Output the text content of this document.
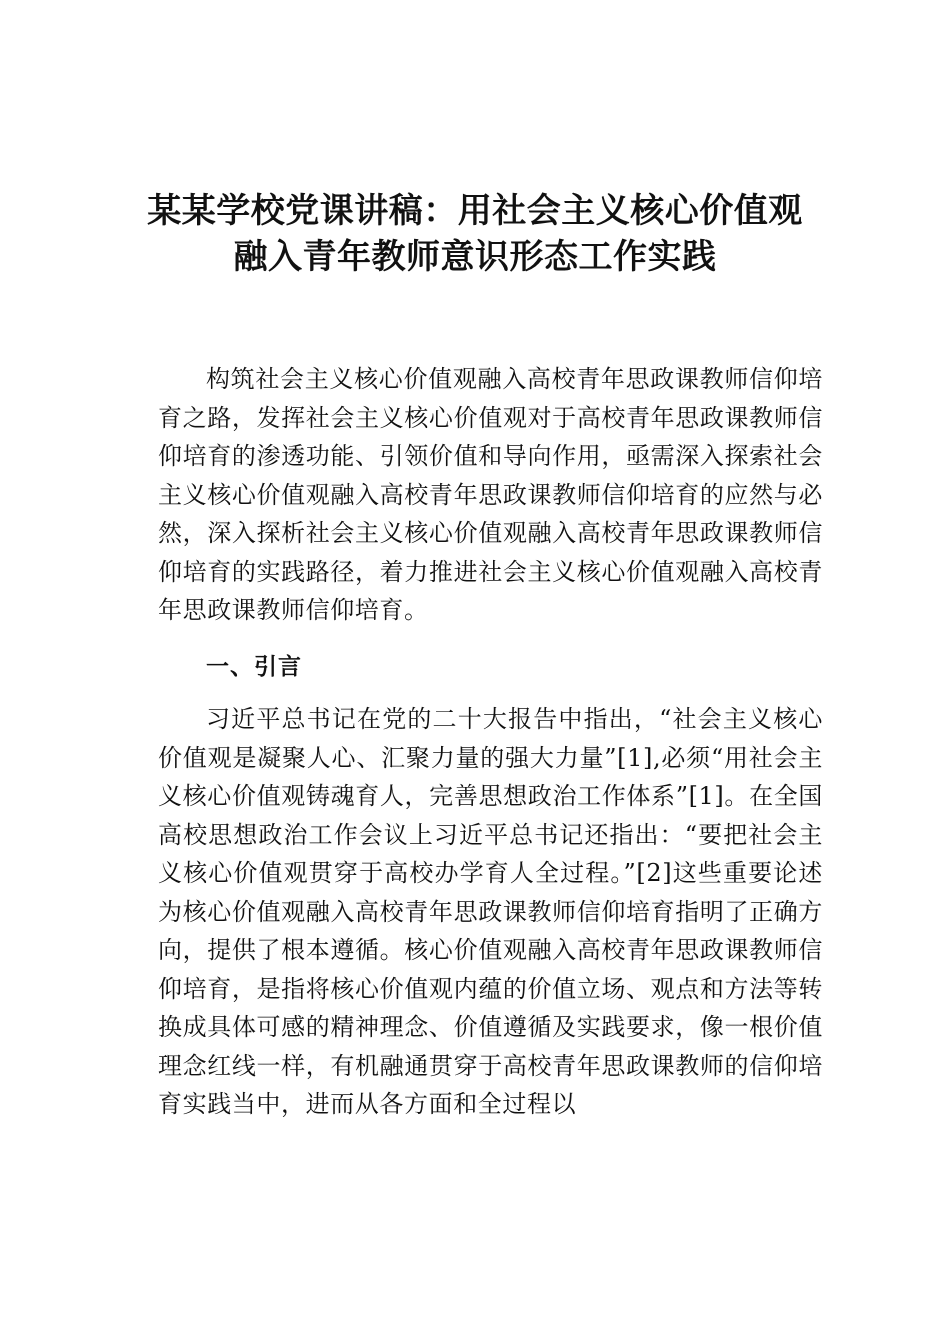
某某学校党课讲稿：用社会主义核心价值观
融入青年教师意识形态工作实践
构筑社会主义核心价值观融入高校青年思政课教师信仰培育之路，发挥社会主义核心价值观对于高校青年思政课教师信仰培育的渗透功能、引领价值和导向作用，亟需深入探索社会主义核心价值观融入高校青年思政课教师信仰培育的应然与必然，深入探析社会主义核心价值观融入高校青年思政课教师信仰培育的实践路径，着力推进社会主义核心价值观融入高校青年思政课教师信仰培育。
一、引言
习近平总书记在党的二十大报告中指出，“社会主义核心价值观是凝聚人心、汇聚力量的强大力量”[1],必须“用社会主义核心价值观铸魂育人，完善思想政治工作体系”[1]。在全国高校思想政治工作会议上习近平总书记还指出：“要把社会主义核心价值观贯穿于高校办学育人全过程。”[2]这些重要论述为核心价值观融入高校青年思政课教师信仰培育指明了正确方向，提供了根本遵循。核心价值观融入高校青年思政课教师信仰培育，是指将核心价值观内蕴的价值立场、观点和方法等转换成具体可感的精神理念、价值遵循及实践要求，像一根价值理念红线一样，有机融通贯穿于高校青年思政课教师的信仰培育实践当中，进而从各方面和全过程以
